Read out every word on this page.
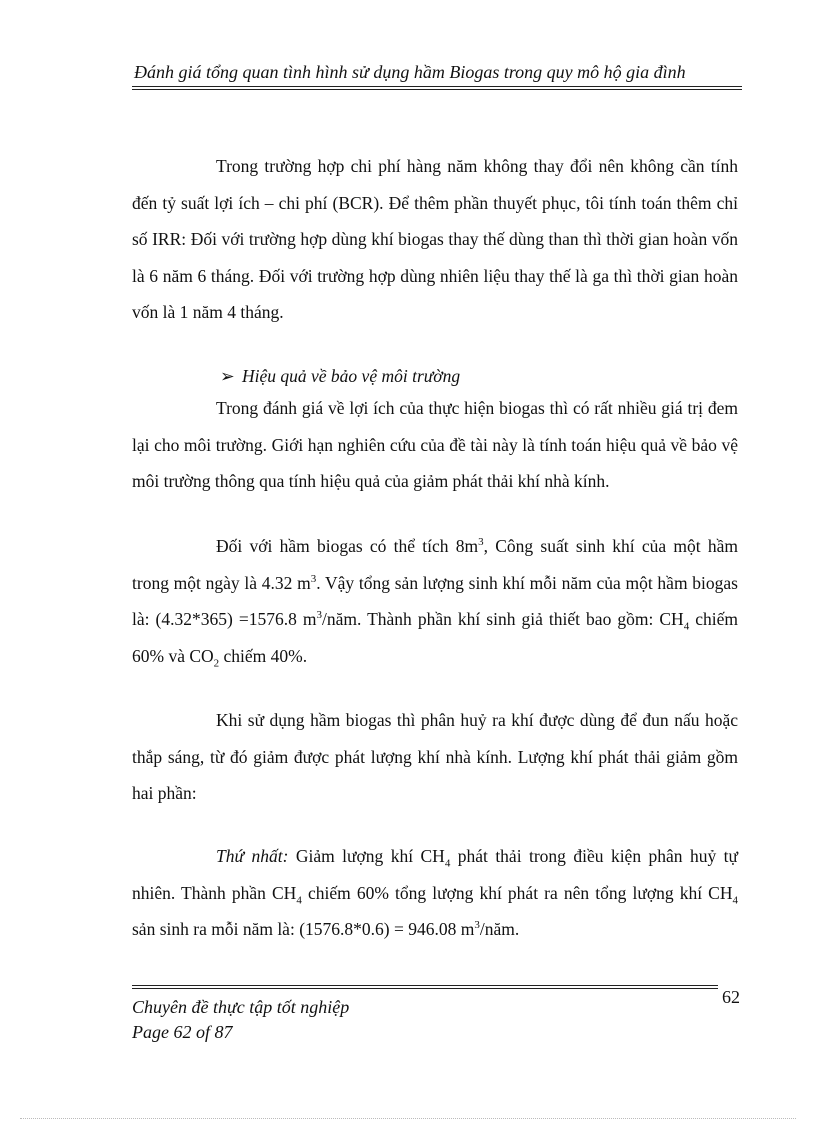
Đánh giá tổng quan tình hình sử dụng hầm Biogas trong quy mô hộ gia đình

Trong trường hợp chi phí hàng năm không thay đổi nên không cần tính đến tỷ suất lợi ích – chi phí (BCR). Để thêm phần thuyết phục, tôi tính toán thêm chỉ số IRR: Đối với trường hợp dùng khí biogas thay thế dùng than thì thời gian hoàn vốn là 6 năm 6 tháng. Đối với trường hợp dùng nhiên liệu thay thế là ga thì thời gian hoàn vốn là 1 năm 4 tháng.

➢ Hiệu quả về bảo vệ môi trường

Trong đánh giá về lợi ích của thực hiện biogas thì có rất nhiều giá trị đem lại cho môi trường. Giới hạn nghiên cứu của đề tài này là tính toán hiệu quả về bảo vệ môi trường thông qua tính hiệu quả của giảm phát thải khí nhà kính.

Đối với hầm biogas có thể tích $8m^3$, Công suất sinh khí của một hầm trong một ngày là 4.32 $m^3$. Vậy tổng sản lượng sinh khí mỗi năm của một hầm biogas là: (4.32*365) =1576.8 $m^3$/năm. Thành phần khí sinh giả thiết bao gồm: $CH_4$ chiếm 60% và $CO_2$ chiếm 40%.

Khi sử dụng hầm biogas thì phân huỷ ra khí được dùng để đun nấu hoặc thắp sáng, từ đó giảm được phát lượng khí nhà kính. Lượng khí phát thải giảm gồm hai phần:

Thứ nhất: Giảm lượng khí $CH_4$ phát thải trong điều kiện phân huỷ tự nhiên. Thành phần $CH_4$ chiếm 60% tổng lượng khí phát ra nên tổng lượng khí $CH_4$ sản sinh ra mỗi năm là: (1576.8*0.6) = 946.08 $m^3$/năm.

62
Chuyên đề thực tập tốt nghiệp
Page 62 of 87
